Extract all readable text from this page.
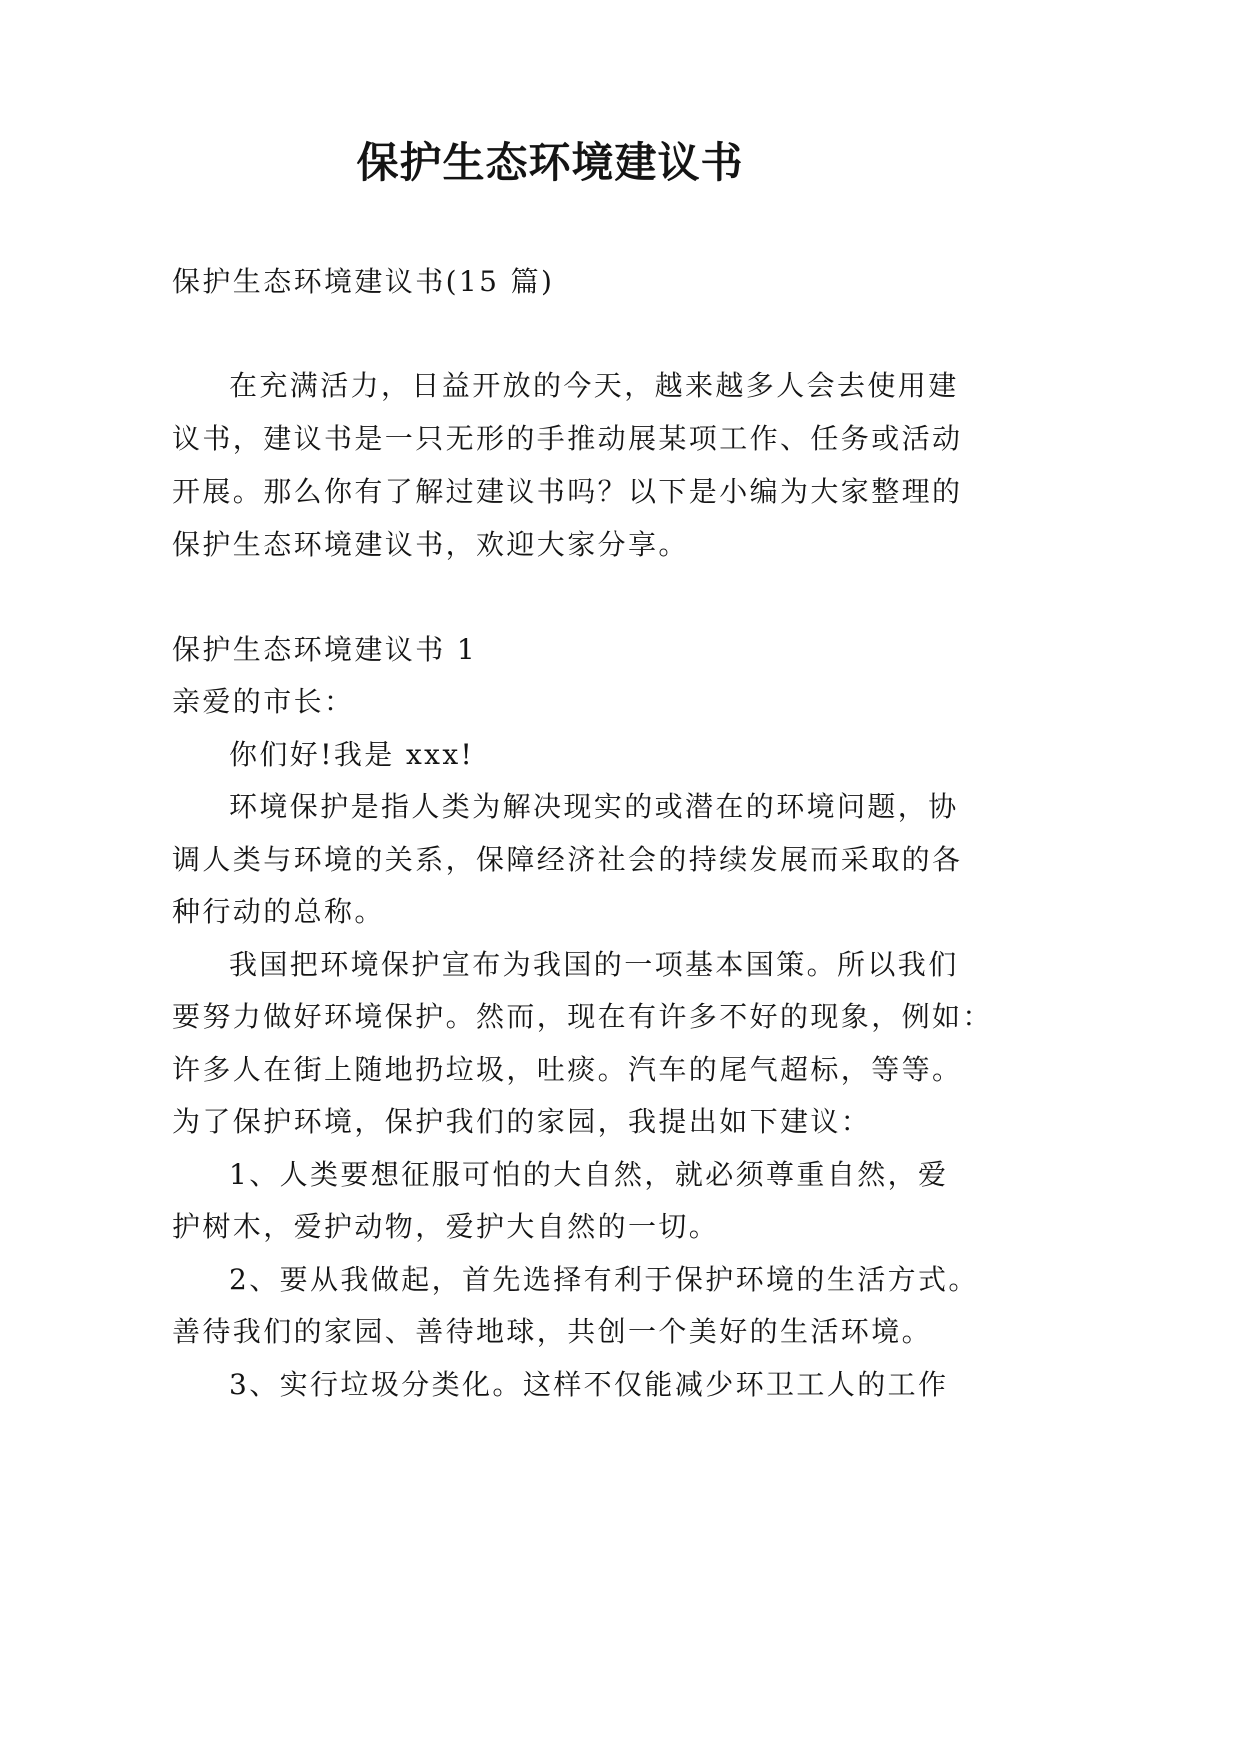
保护生态环境建议书
保护生态环境建议书(15 篇)
在充满活力，日益开放的今天，越来越多人会去使用建
议书，建议书是一只无形的手推动展某项工作、任务或活动
开展。那么你有了解过建议书吗？以下是小编为大家整理的
保护生态环境建议书，欢迎大家分享。
保护生态环境建议书 1
亲爱的市长：
你们好!我是 xxx!
环境保护是指人类为解决现实的或潜在的环境问题，协
调人类与环境的关系，保障经济社会的持续发展而采取的各
种行动的总称。
我国把环境保护宣布为我国的一项基本国策。所以我们
要努力做好环境保护。然而，现在有许多不好的现象，例如：
许多人在街上随地扔垃圾，吐痰。汽车的尾气超标，等等。
为了保护环境，保护我们的家园，我提出如下建议：
1、人类要想征服可怕的大自然，就必须尊重自然，爱
护树木，爱护动物，爱护大自然的一切。
2、要从我做起，首先选择有利于保护环境的生活方式。
善待我们的家园、善待地球，共创一个美好的生活环境。
3、实行垃圾分类化。这样不仅能减少环卫工人的工作
